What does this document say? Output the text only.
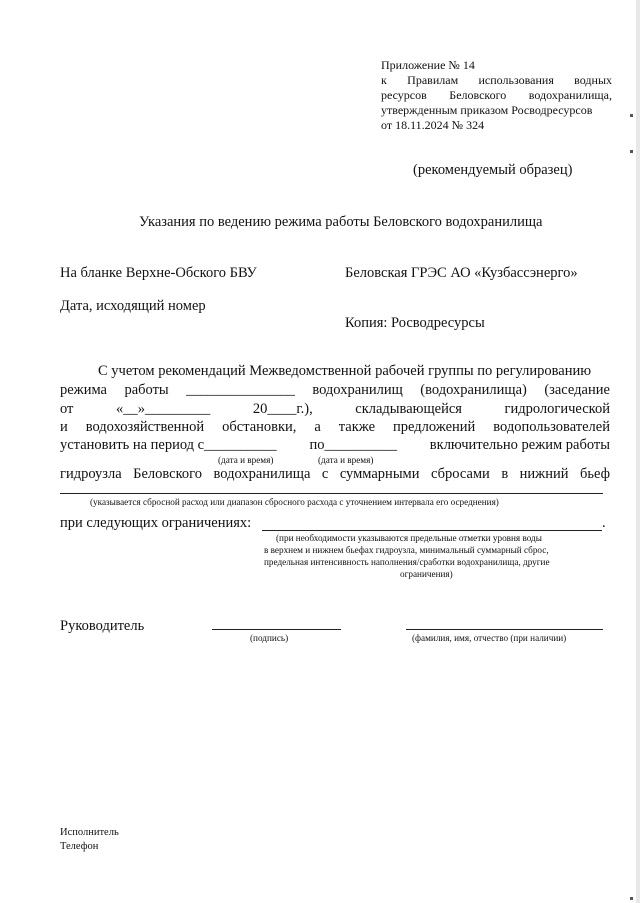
Приложение № 14
к Правилам использования водных
ресурсов Беловского водохранилища,
утвержденным приказом Росводресурсов
от 18.11.2024 № 324
(рекомендуемый образец)
Указания по ведению режима работы Беловского водохранилища
На бланке Верхне-Обского БВУ	Беловская ГРЭС АО «Кузбассэнерго»
Дата, исходящий номер
Копия: Росводресурсы
С учетом рекомендаций Межведомственной рабочей группы по регулированию
режима работы _______________ водохранилищ (водохранилища) (заседание
от	«__»_________	20____г.),	складывающейся	гидрологической
и водохозяйственной обстановки, а также предложений водопользователей
установить на период с__________ по__________ включительно режим работы
(дата и время)	(дата и время)
гидроузла Беловского водохранилища с суммарными сбросами в нижний бьеф
(указывается сбросной расход или диапазон сбросного расхода с уточнением интервала его осреднения)
при следующих ограничениях:	.
(при необходимости указываются предельные отметки уровня воды
в верхнем и нижнем бьефах гидроузла, минимальный суммарный сброс,
предельная интенсивность наполнения/сработки водохранилища, другие
ограничения)
Руководитель
(подпись)	(фамилия, имя, отчество (при наличии)
Исполнитель
Телефон
